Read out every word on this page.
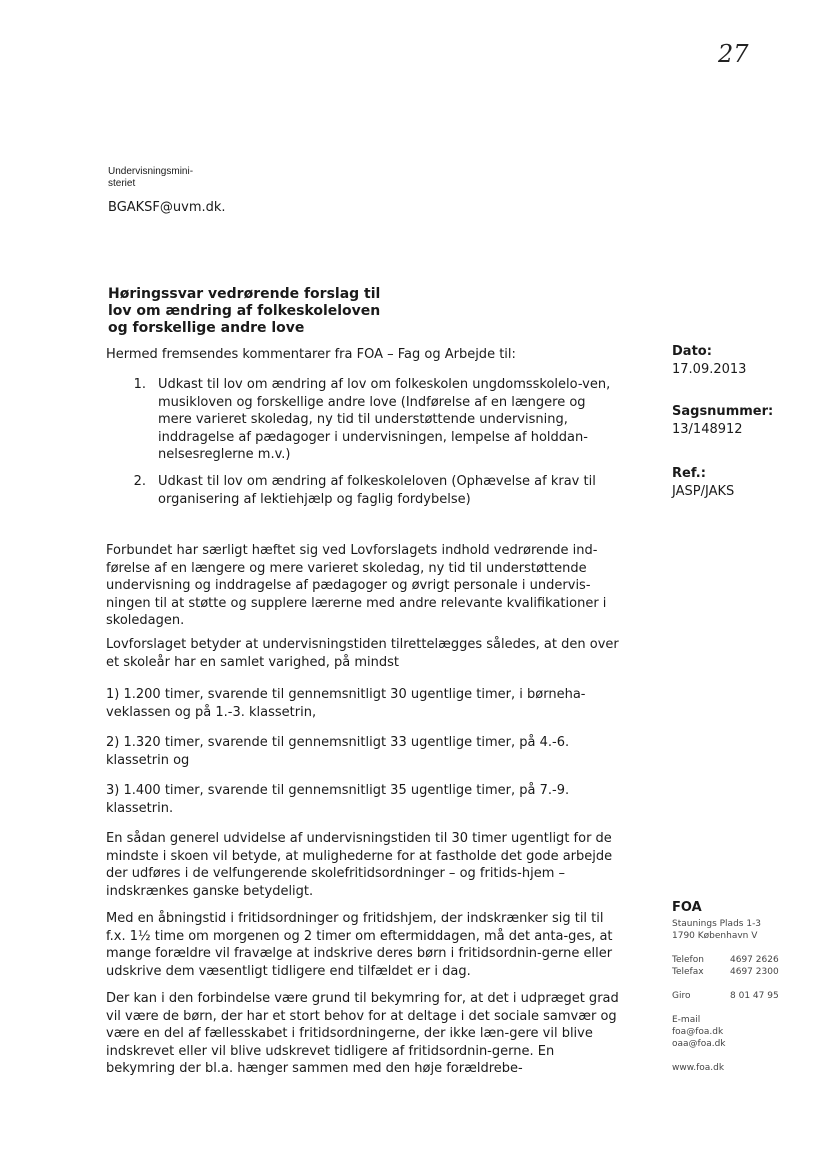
27
Undervisningsmini-
steriet
BGAKSF@uvm.dk.
Høringssvar vedrørende forslag til
lov om ændring af folkeskoleloven
og forskellige andre love

Hermed fremsendes kommentarer fra FOA – Fag og Arbejde til:

1. Udkast til lov om ændring af lov om folkeskolen ungdomsskolelo-ven, musikloven og forskellige andre love (Indførelse af en længere og mere varieret skoledag, ny tid til understøttende undervisning, inddragelse af pædagoger i undervisningen, lempelse af holddan-nelsesreglerne m.v.)
2. Udkast til lov om ændring af folkeskoleloven (Ophævelse af krav til organisering af lektiehjælp og faglig fordybelse)

Forbundet har særligt hæftet sig ved Lovforslagets indhold vedrørende ind-førelse af en længere og mere varieret skoledag, ny tid til understøttende undervisning og inddragelse af pædagoger og øvrigt personale i undervis-ningen til at støtte og supplere lærerne med andre relevante kvalifikationer i skoledagen.

Lovforslaget betyder at undervisningstiden tilrettelægges således, at den over et skoleår har en samlet varighed, på mindst

1) 1.200 timer, svarende til gennemsnitligt 30 ugentlige timer, i børneha-veklassen og på 1.-3. klassetrin,

2) 1.320 timer, svarende til gennemsnitligt 33 ugentlige timer, på 4.-6. klassetrin og

3) 1.400 timer, svarende til gennemsnitligt 35 ugentlige timer, på 7.-9. klassetrin.

En sådan generel udvidelse af undervisningstiden til 30 timer ugentligt for de mindste i skoen vil betyde, at mulighederne for at fastholde det gode arbejde der udføres i de velfungerende skolefritidsordninger – og fritids-hjem – indskrænkes ganske betydeligt.

Med en åbningstid i fritidsordninger og fritidshjem, der indskrænker sig til til f.x. 1½ time om morgenen og 2 timer om eftermiddagen, må det anta-ges, at mange forældre vil fravælge at indskrive deres børn i fritidsordnin-gerne eller udskrive dem væsentligt tidligere end tilfældet er i dag.

Der kan i den forbindelse være grund til bekymring for, at det i udpræget grad vil være de børn, der har et stort behov for at deltage i det sociale samvær og være en del af fællesskabet i fritidsordningerne, der ikke læn-gere vil blive indskrevet eller vil blive udskrevet tidligere af fritidsordnin-gerne. En bekymring der bl.a. hænger sammen med den høje forældrebe-

Dato:
17.09.2013
Sagsnummer:
13/148912
Ref.:
JASP/JAKS
FOA
Staunings Plads 1-3
1790 København V
Telefon	4697 2626
Telefax	4697 2300
Giro	8 01 47 95
E-mail
foa@foa.dk
oaa@foa.dk
www.foa.dk
